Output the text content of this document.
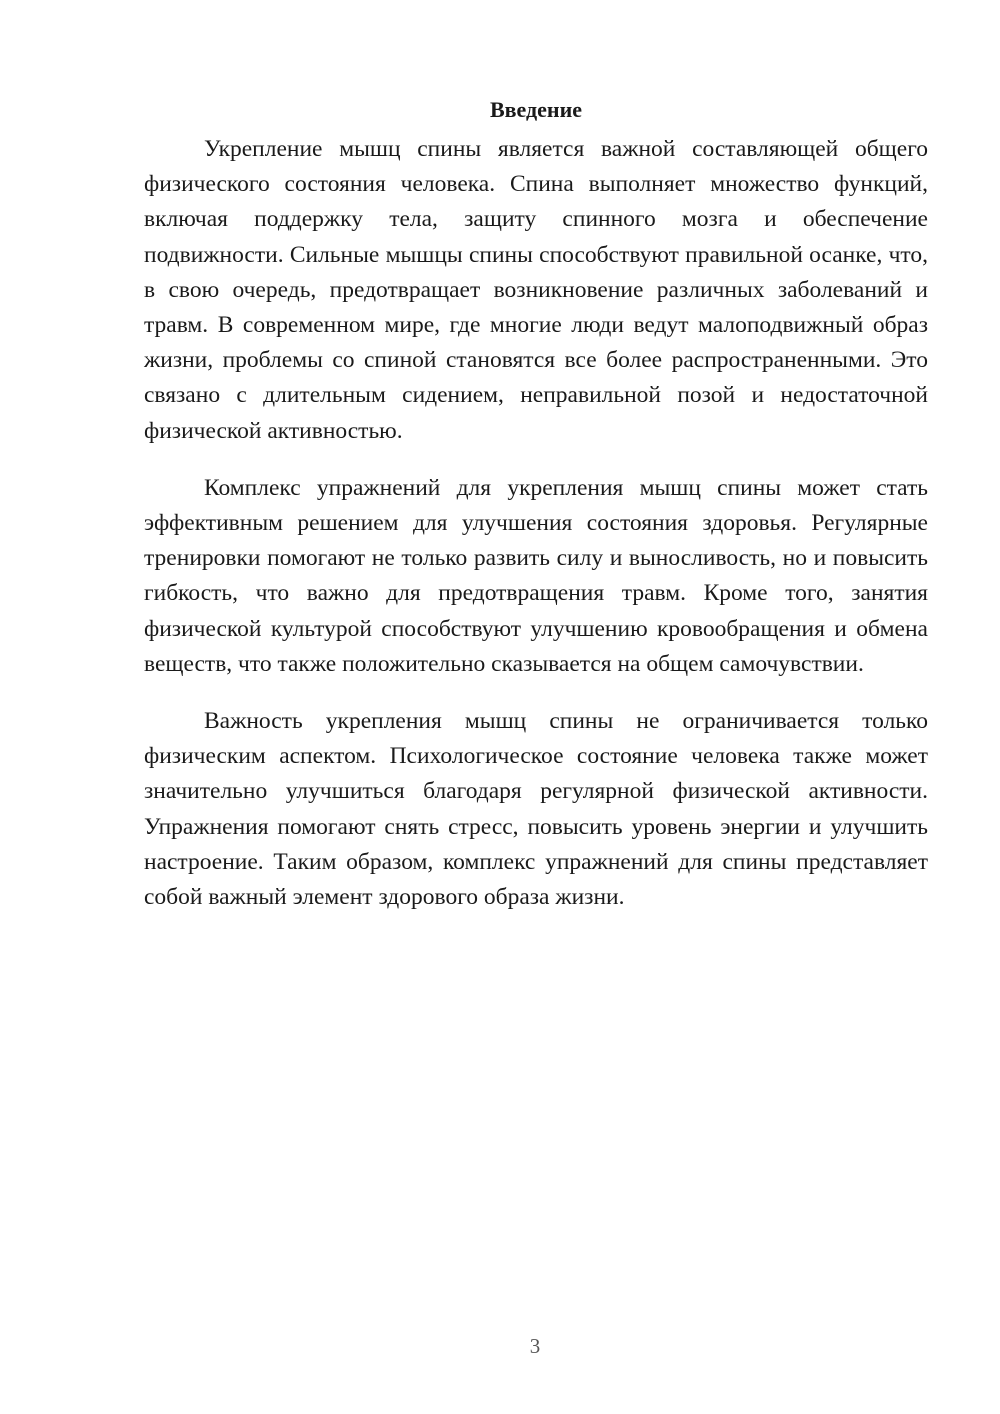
Введение

Укрепление мышц спины является важной составляющей общего физического состояния человека. Спина выполняет множество функций, включая поддержку тела, защиту спинного мозга и обеспечение подвижности. Сильные мышцы спины способствуют правильной осанке, что, в свою очередь, предотвращает возникновение различных заболеваний и травм. В современном мире, где многие люди ведут малоподвижный образ жизни, проблемы со спиной становятся все более распространенными. Это связано с длительным сидением, неправильной позой и недостаточной физической активностью.

Комплекс упражнений для укрепления мышц спины может стать эффективным решением для улучшения состояния здоровья. Регулярные тренировки помогают не только развить силу и выносливость, но и повысить гибкость, что важно для предотвращения травм. Кроме того, занятия физической культурой способствуют улучшению кровообращения и обмена веществ, что также положительно сказывается на общем самочувствии.

Важность укрепления мышц спины не ограничивается только физическим аспектом. Психологическое состояние человека также может значительно улучшиться благодаря регулярной физической активности. Упражнения помогают снять стресс, повысить уровень энергии и улучшить настроение. Таким образом, комплекс упражнений для спины представляет собой важный элемент здорового образа жизни.

3
